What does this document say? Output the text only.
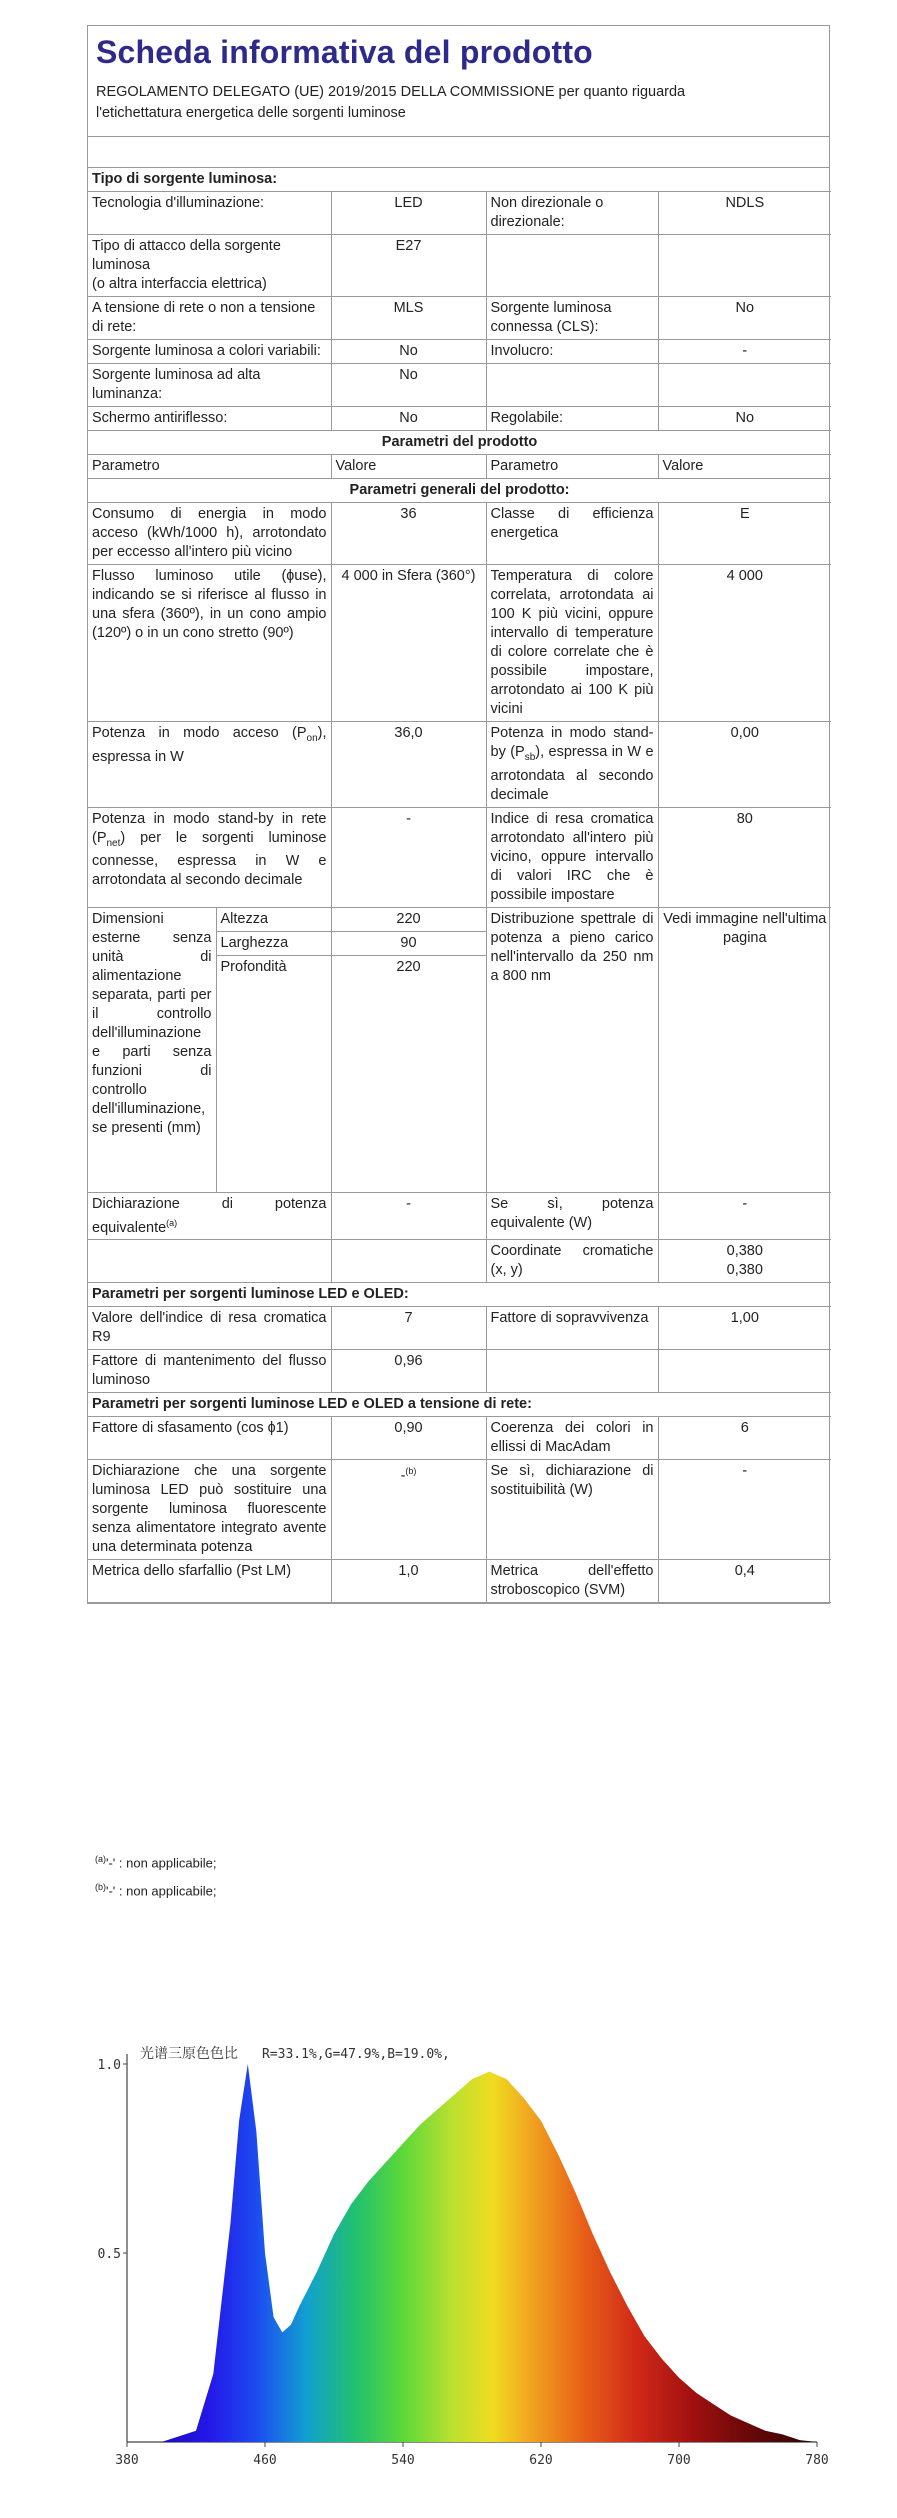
Scheda informativa del prodotto
REGOLAMENTO DELEGATO (UE) 2019/2015 DELLA COMMISSIONE per quanto riguarda
l'etichettatura energetica delle sorgenti luminose
Tipo di sorgente luminosa:				
Tecnologia d'illuminazione:		LED	Non direzionale o direzionale:	NDLS
Tipo di attacco della sorgente luminosa
(o altra interfaccia elettrica)		E27		
A tensione di rete o non a tensione di rete:		MLS	Sorgente luminosa connessa (CLS):	No
Sorgente luminosa a colori variabili:		No	Involucro:	-
Sorgente luminosa ad alta luminanza:		No		
Schermo antiriflesso:		No	Regolabile:	No
Parametri del prodotto				
Parametro		Valore	Parametro	Valore
Parametri generali del prodotto:				
Consumo di energia in modo acceso (kWh/1000 h), arrotondato per eccesso all'intero più vicino		36	Classe di efficienza energetica	E
Flusso luminoso utile (ɸuse), indicando se si riferisce al flusso in una sfera (360º), in un cono ampio (120º) o in un cono stretto (90º)		4 000 in Sfera (360°)	Temperatura di colore correlata, arrotondata ai 100 K più vicini, oppure intervallo di temperature di colore correlate che è possibile impostare, arrotondato ai 100 K più vicini	4 000
Potenza in modo acceso $(P_{on})$, espressa in W		36,0	Potenza in modo stand-by $(P_{sb})$, espressa in W e arrotondata al secondo decimale	0,00
Potenza in modo stand-by in rete $(P_{net})$ per le sorgenti luminose connesse, espressa in W e arrotondata al secondo decimale		-	Indice di resa cromatica arrotondato all'intero più vicino, oppure intervallo di valori IRC che è possibile impostare	80
Dimensioni esterne senza unità di alimentazione separata, parti per il controllo dell'illuminazione e parti senza funzioni di controllo dell'illuminazione, se presenti (mm)	Altezza	220	Distribuzione spettrale di potenza a pieno carico nell'intervallo da 250 nm a 800 nm	Vedi immagine nell'ultima pagina
	Larghezza	90		
	Profondità	220		
Dichiarazione di potenza equivalente$^{(a)}$		-	Se sì, potenza equivalente (W)	-
			Coordinate cromatiche (x, y)	0,380
0,380
Parametri per sorgenti luminose LED e OLED:				
Valore dell'indice di resa cromatica R9		7	Fattore di sopravvivenza	1,00
Fattore di mantenimento del flusso luminoso		0,96		
Parametri per sorgenti luminose LED e OLED a tensione di rete:				
Fattore di sfasamento (cos ɸ1)		0,90	Coerenza dei colori in ellissi di MacAdam	6
Dichiarazione che una sorgente luminosa LED può sostituire una sorgente luminosa fluorescente senza alimentatore integrato avente una determinata potenza		-$^{(b)}$	Se sì, dichiarazione di sostituibilità (W)	-
Metrica dello sfarfallio (Pst LM)		1,0	Metrica dell'effetto stroboscopico (SVM)	0,4
$^{(a)}$'-' : non applicabile;
$^{(b)}$'-' : non applicabile;
380	460	540	620	700	780
1.0
0.5
光谱三原色色比 R=33.1%,G=47.9%,B=19.0%,
